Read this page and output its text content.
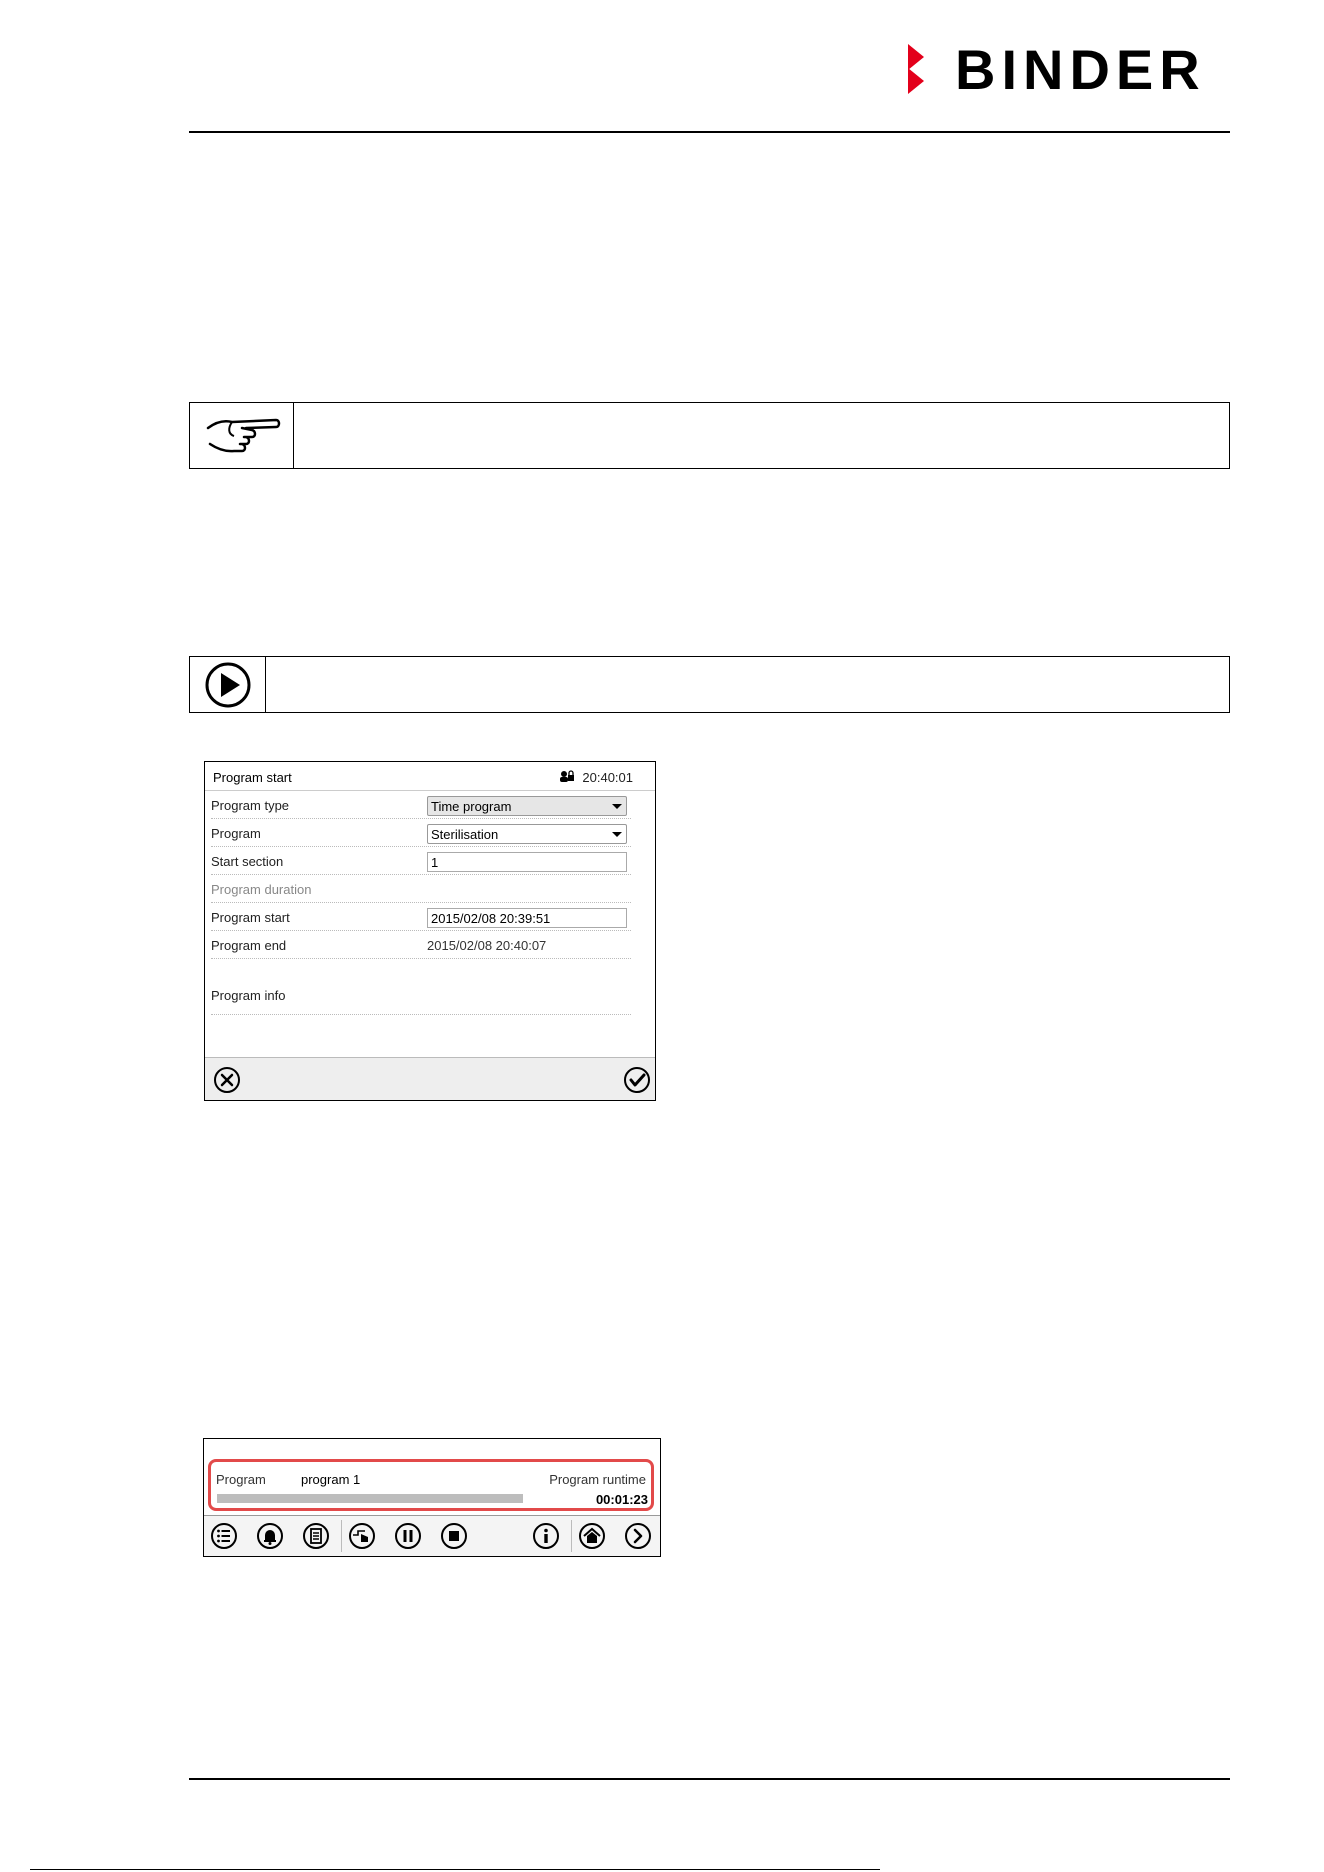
BINDER
Program start	20:40:01
Program type	Time program
Program	Sterilisation
Start section	1
Program duration
Program start	2015/02/08 20:39:51
Program end	2015/02/08 20:40:07
Program info
Program	program 1	Program runtime
00:01:23
